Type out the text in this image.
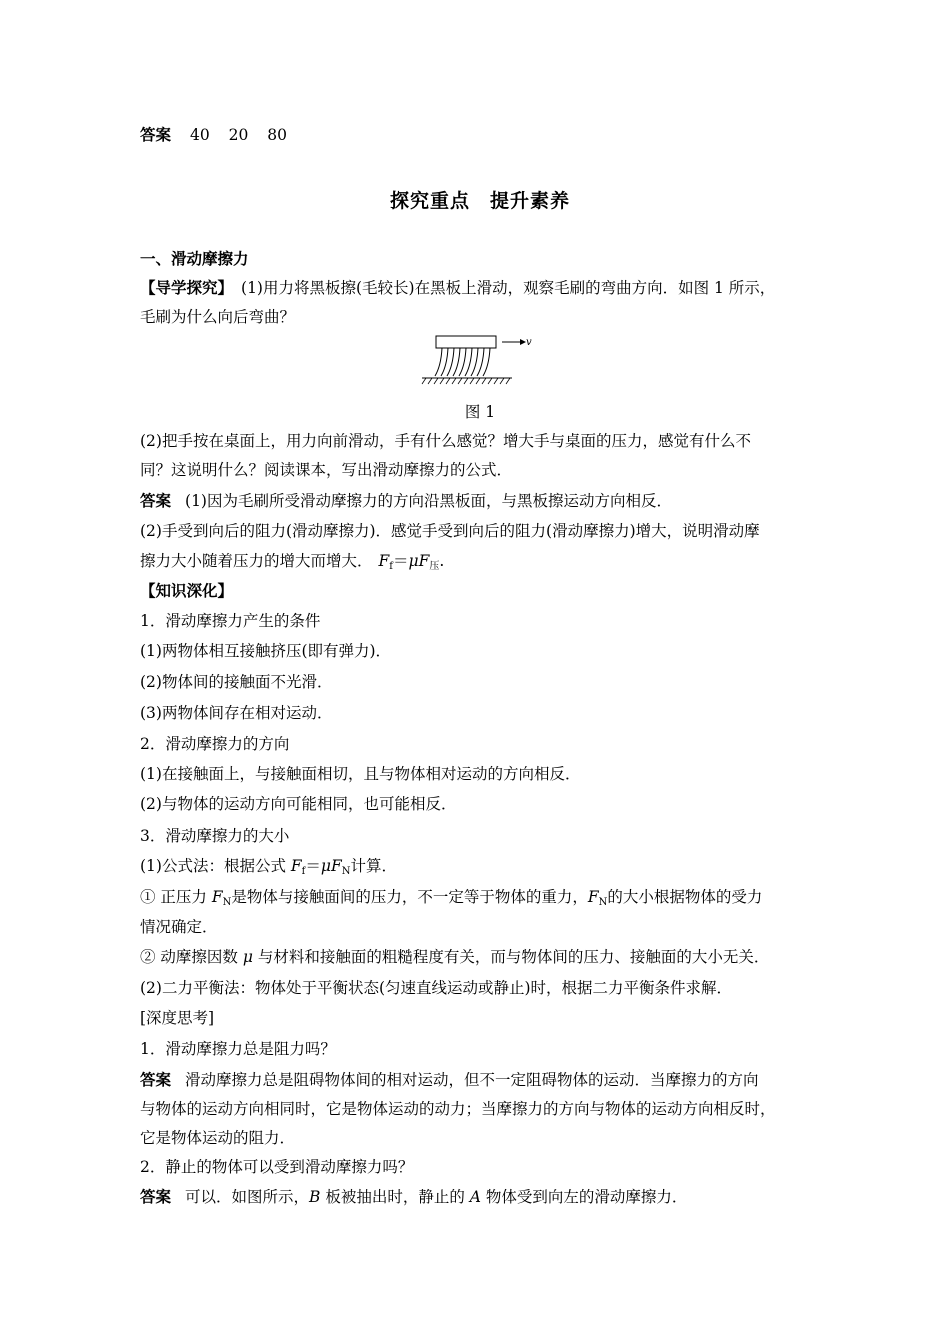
答案 40 20 80
探究重点　提升素养
一、滑动摩擦力
【导学探究】 (1)用力将黑板擦(毛较长)在黑板上滑动，观察毛刷的弯曲方向．如图 1 所示，
毛刷为什么向后弯曲？
v
图 1
(2)把手按在桌面上，用力向前滑动，手有什么感觉？增大手与桌面的压力，感觉有什么不
同？这说明什么？阅读课本，写出滑动摩擦力的公式．
答案 (1)因为毛刷所受滑动摩擦力的方向沿黑板面，与黑板擦运动方向相反．
(2)手受到向后的阻力(滑动摩擦力)．感觉手受到向后的阻力(滑动摩擦力)增大，说明滑动摩
擦力大小随着压力的增大而增大． $F_f=\mu F_压$.
【知识深化】
1．滑动摩擦力产生的条件
(1)两物体相互接触挤压(即有弹力)．
(2)物体间的接触面不光滑．
(3)两物体间存在相对运动．
2．滑动摩擦力的方向
(1)在接触面上，与接触面相切，且与物体相对运动的方向相反．
(2)与物体的运动方向可能相同，也可能相反．
3．滑动摩擦力的大小
(1)公式法：根据公式 $F_f=\mu F_N$计算．
① 正压力 $F_N$是物体与接触面间的压力，不一定等于物体的重力，$F_N$的大小根据物体的受力
情况确定．
② 动摩擦因数 μ 与材料和接触面的粗糙程度有关，而与物体间的压力、接触面的大小无关．
(2)二力平衡法：物体处于平衡状态(匀速直线运动或静止)时，根据二力平衡条件求解．
[深度思考]
1．滑动摩擦力总是阻力吗？
答案 滑动摩擦力总是阻碍物体间的相对运动，但不一定阻碍物体的运动．当摩擦力的方向
与物体的运动方向相同时，它是物体运动的动力；当摩擦力的方向与物体的运动方向相反时，
它是物体运动的阻力．
2．静止的物体可以受到滑动摩擦力吗？
答案 可以．如图所示，B 板被抽出时，静止的 A 物体受到向左的滑动摩擦力．
